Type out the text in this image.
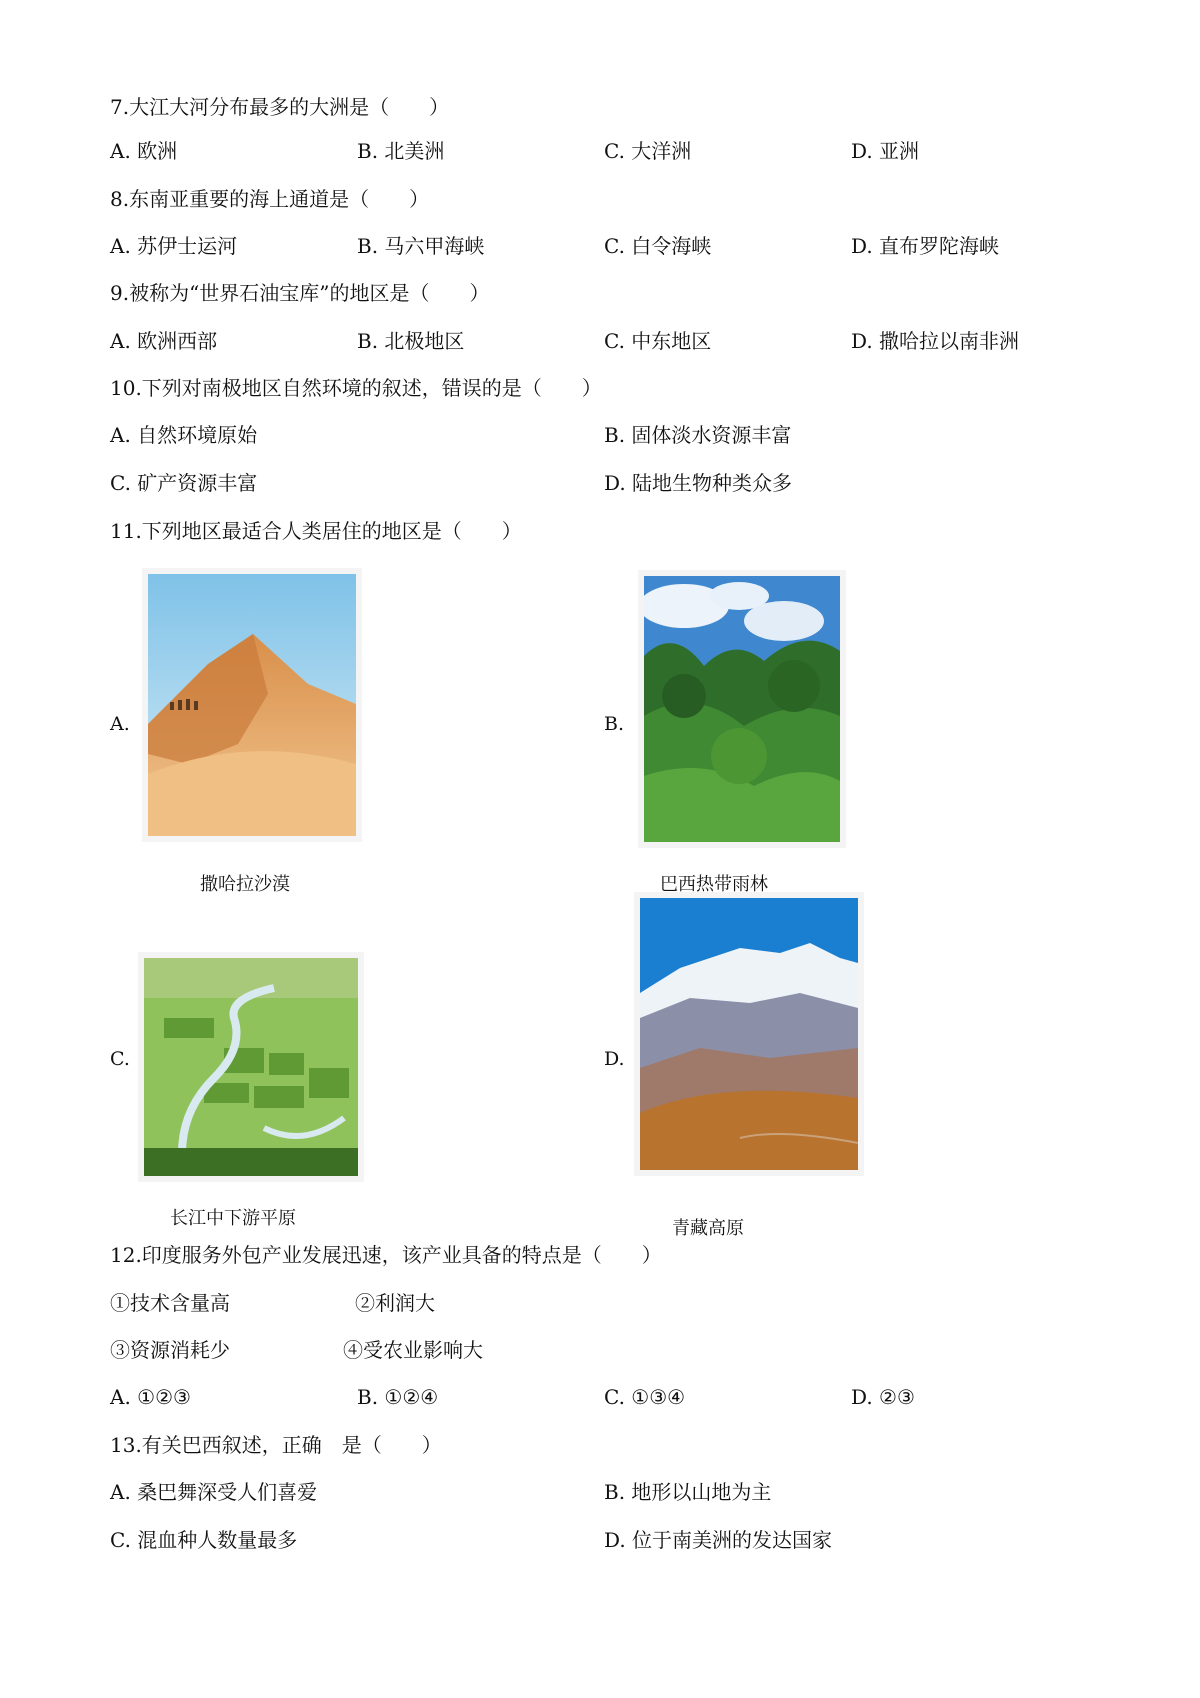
7.大江大河分布最多的大洲是（　　）
A. 欧洲	B. 北美洲	C. 大洋洲	D. 亚洲
8.东南亚重要的海上通道是（　　）
A. 苏伊士运河	B. 马六甲海峡	C. 白令海峡	D. 直布罗陀海峡
9.被称为“世界石油宝库”的地区是（　　）
A. 欧洲西部	B. 北极地区	C. 中东地区	D. 撒哈拉以南非洲
10.下列对南极地区自然环境的叙述，错误的是（　　）
A. 自然环境原始	B. 固体淡水资源丰富
C. 矿产资源丰富	D. 陆地生物种类众多
11.下列地区最适合人类居住的地区是（　　）
A.
撒哈拉沙漠
B.
巴西热带雨林
C.
长江中下游平原
D.
青藏高原
12.印度服务外包产业发展迅速，该产业具备的特点是（　　）
①技术含量高	②利润大
③资源消耗少	④受农业影响大
A. ①②③	B. ①②④	C. ①③④	D. ②③
13.有关巴西叙述，正确　是（　　）
A. 桑巴舞深受人们喜爱	B. 地形以山地为主
C. 混血种人数量最多	D. 位于南美洲的发达国家
